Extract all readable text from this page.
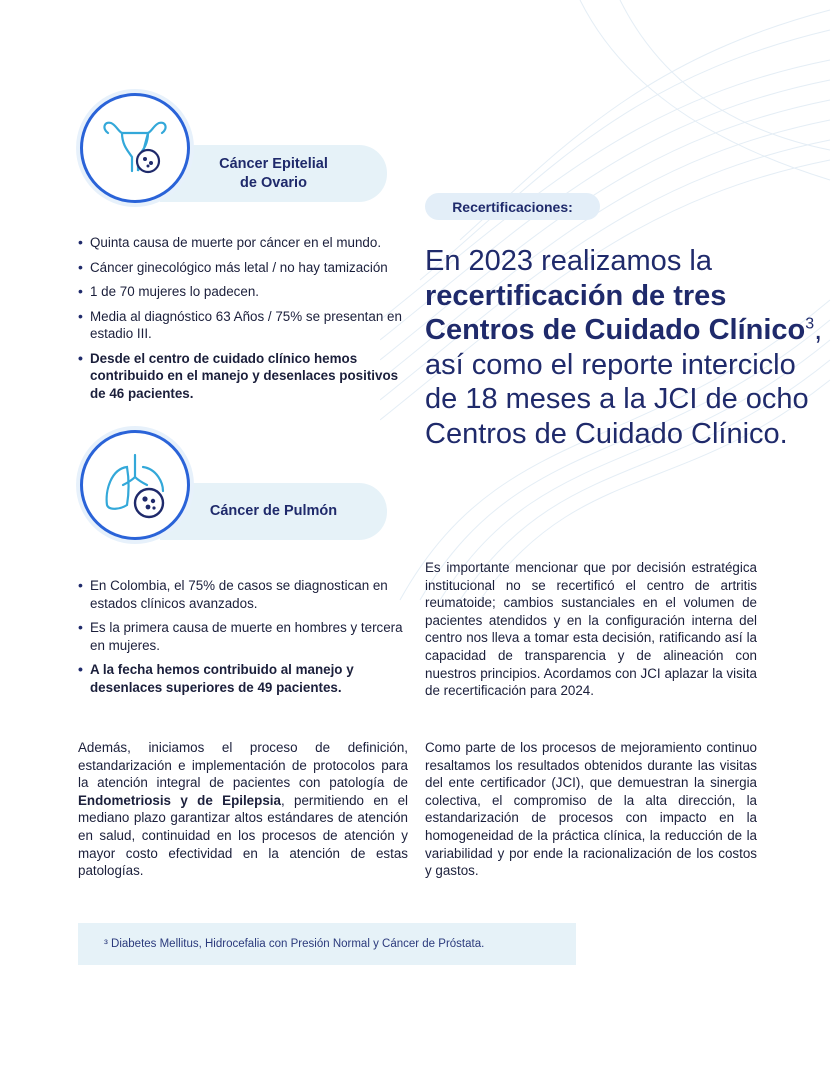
Cáncer Epitelial
de Ovario
• Quinta causa de muerte por cáncer en el mundo.
• Cáncer ginecológico más letal / no hay tamización
• 1 de 70 mujeres lo padecen.
• Media al diagnóstico 63 Años / 75% se presentan en estadio III.
• Desde el centro de cuidado clínico hemos contribuido en el manejo y desenlaces positivos de 46 pacientes.
Cáncer de Pulmón
• En Colombia, el 75% de casos se diagnostican en estados clínicos avanzados.
• Es la primera causa de muerte en hombres y tercera en mujeres.
• A la fecha hemos contribuido al manejo y desenlaces superiores de 49 pacientes.

Además, iniciamos el proceso de definición, estandarización e implementación de protocolos para la atención integral de pacientes con patología de Endometriosis y de Epilepsia, permitiendo en el mediano plazo garantizar altos estándares de atención en salud, continuidad en los procesos de atención y mayor costo efectividad en la atención de estas patologías.

Recertificaciones:

En 2023 realizamos la recertificación de tres Centros de Cuidado Clínico$^3$, así como el reporte interciclo de 18 meses a la JCI de ocho Centros de Cuidado Clínico.

Es importante mencionar que por decisión estratégica institucional no se recertificó el centro de artritis reumatoide; cambios sustanciales en el volumen de pacientes atendidos y en la configuración interna del centro nos lleva a tomar esta decisión, ratificando así la capacidad de transparencia y de alineación con nuestros principios. Acordamos con JCI aplazar la visita de recertificación para 2024.

Como parte de los procesos de mejoramiento continuo resaltamos los resultados obtenidos durante las visitas del ente certificador (JCI), que demuestran la sinergia colectiva, el compromiso de la alta dirección, la estandarización de procesos con impacto en la homogeneidad de la práctica clínica, la reducción de la variabilidad y por ende la racionalización de los costos y gastos.

³ Diabetes Mellitus, Hidrocefalia con Presión Normal y Cáncer de Próstata.
